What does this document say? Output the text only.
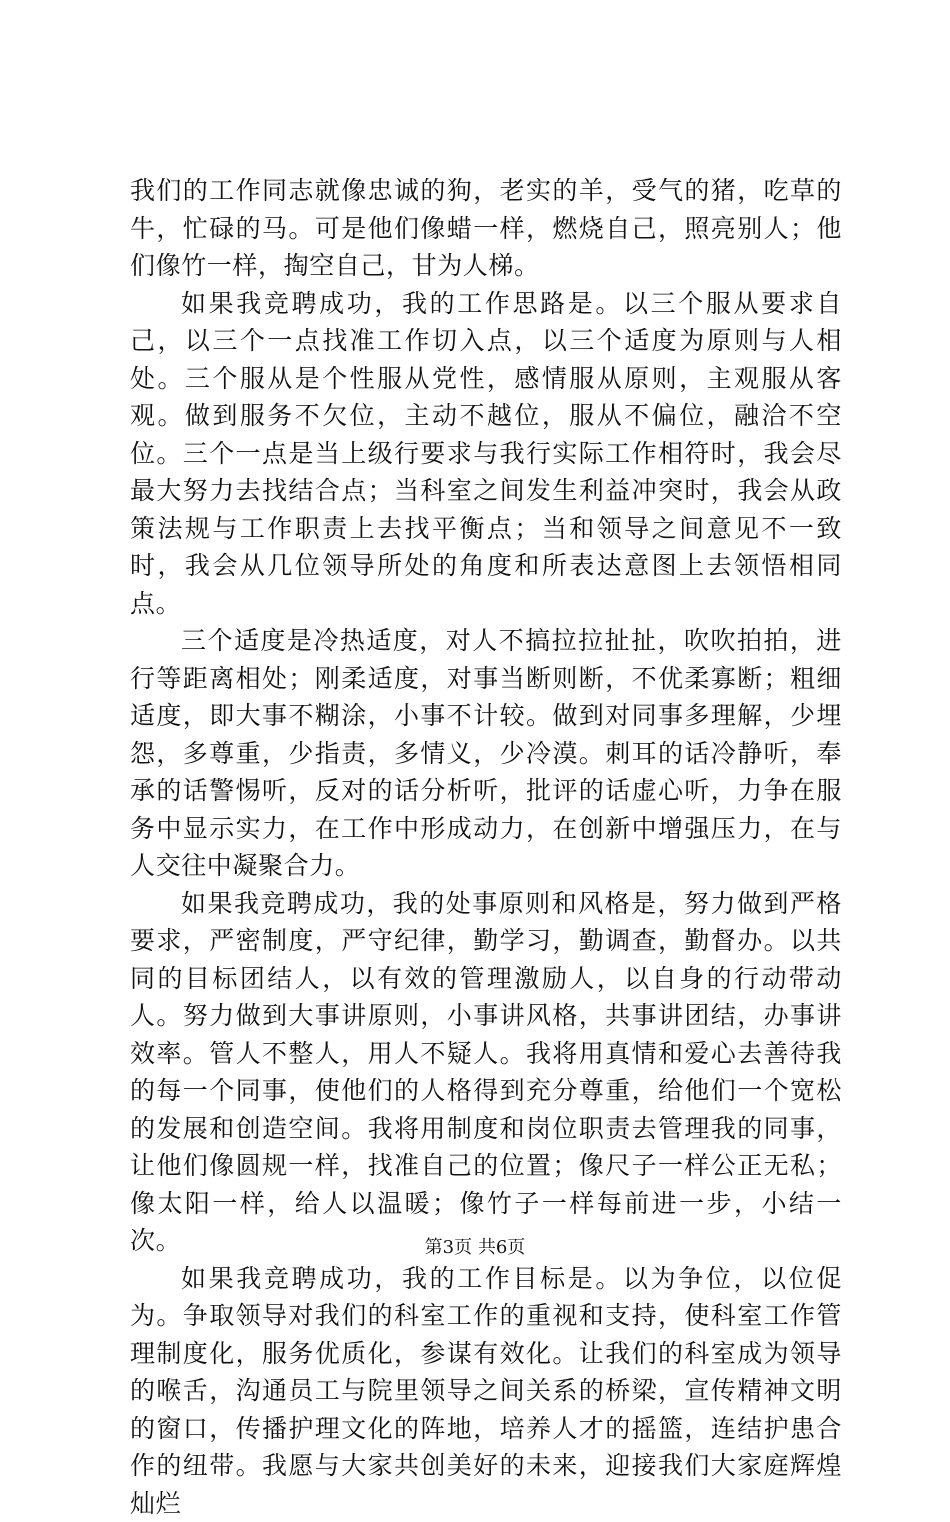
我们的工作同志就像忠诚的狗，老实的羊，受气的猪，吃草的牛，忙碌的马。可是他们像蜡一样，燃烧自己，照亮别人；他们像竹一样，掏空自己，甘为人梯。

如果我竞聘成功，我的工作思路是。以三个服从要求自己，以三个一点找准工作切入点，以三个适度为原则与人相处。三个服从是个性服从党性，感情服从原则，主观服从客观。做到服务不欠位，主动不越位，服从不偏位，融洽不空位。三个一点是当上级行要求与我行实际工作相符时，我会尽最大努力去找结合点；当科室之间发生利益冲突时，我会从政策法规与工作职责上去找平衡点；当和领导之间意见不一致时，我会从几位领导所处的角度和所表达意图上去领悟相同点。

三个适度是冷热适度，对人不搞拉拉扯扯，吹吹拍拍，进行等距离相处；刚柔适度，对事当断则断，不优柔寡断；粗细适度，即大事不糊涂，小事不计较。做到对同事多理解，少埋怨，多尊重，少指责，多情义，少冷漠。刺耳的话冷静听，奉承的话警惕听，反对的话分析听，批评的话虚心听，力争在服务中显示实力，在工作中形成动力，在创新中增强压力，在与人交往中凝聚合力。

如果我竞聘成功，我的处事原则和风格是，努力做到严格要求，严密制度，严守纪律，勤学习，勤调查，勤督办。以共同的目标团结人，以有效的管理激励人，以自身的行动带动人。努力做到大事讲原则，小事讲风格，共事讲团结，办事讲效率。管人不整人，用人不疑人。我将用真情和爱心去善待我的每一个同事，使他们的人格得到充分尊重，给他们一个宽松的发展和创造空间。我将用制度和岗位职责去管理我的同事，让他们像圆规一样，找准自己的位置；像尺子一样公正无私；像太阳一样，给人以温暖；像竹子一样每前进一步，小结一次。

如果我竞聘成功，我的工作目标是。以为争位，以位促为。争取领导对我们的科室工作的重视和支持，使科室工作管理制度化，服务优质化，参谋有效化。让我们的科室成为领导的喉舌，沟通员工与院里领导之间关系的桥梁，宣传精神文明的窗口，传播护理文化的阵地，培养人才的摇篮，连结护患合作的纽带。我愿与大家共创美好的未来，迎接我们大家庭辉煌灿烂

第3页 共6页
